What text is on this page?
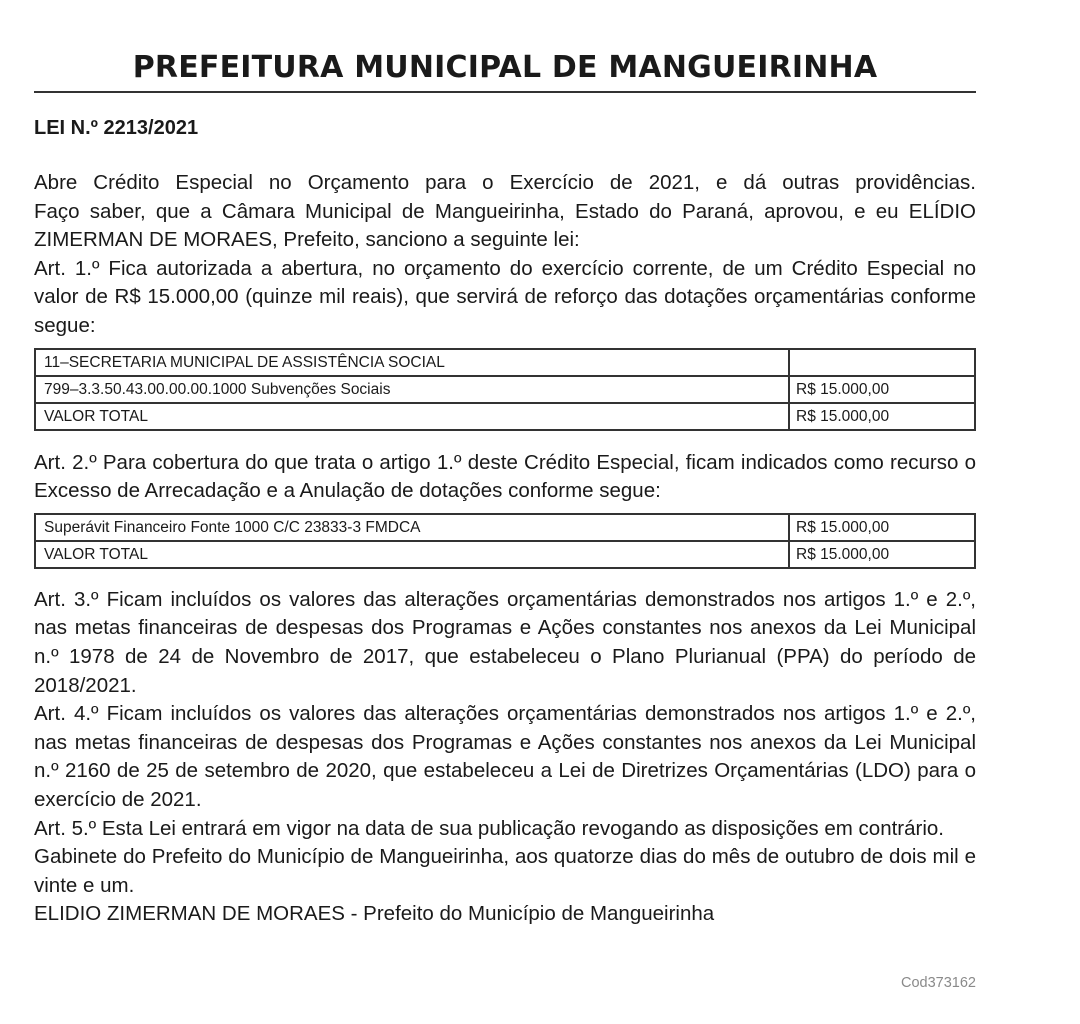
PREFEITURA MUNICIPAL DE MANGUEIRINHA
LEI N.º 2213/2021

Abre Crédito Especial no Orçamento para o Exercício de 2021, e dá outras providências.

Faço saber, que a Câmara Municipal de Mangueirinha, Estado do Paraná, aprovou, e eu ELÍDIO ZIMERMAN DE MORAES, Prefeito, sanciono a seguinte lei:

Art. 1.º Fica autorizada a abertura, no orçamento do exercício corrente, de um Crédito Especial no valor de R$ 15.000,00 (quinze mil reais), que servirá de reforço das dotações orçamentárias conforme segue:

11–SECRETARIA MUNICIPAL DE ASSISTÊNCIA SOCIAL	
799–3.3.50.43.00.00.00.1000 Subvenções Sociais	R$ 15.000,00
VALOR TOTAL	R$ 15.000,00

Art. 2.º Para cobertura do que trata o artigo 1.º deste Crédito Especial, ficam indicados como recurso o Excesso de Arrecadação e a Anulação de dotações conforme segue:

Superávit Financeiro Fonte 1000 C/C 23833-3 FMDCA	R$ 15.000,00
VALOR TOTAL	R$ 15.000,00

Art. 3.º Ficam incluídos os valores das alterações orçamentárias demonstrados nos artigos 1.º e 2.º, nas metas financeiras de despesas dos Programas e Ações constantes nos anexos da Lei Municipal n.º 1978 de 24 de Novembro de 2017, que estabeleceu o Plano Plurianual (PPA) do período de 2018/2021.

Art. 4.º Ficam incluídos os valores das alterações orçamentárias demonstrados nos artigos 1.º e 2.º, nas metas financeiras de despesas dos Programas e Ações constantes nos anexos da Lei Municipal n.º 2160 de 25 de setembro de 2020, que estabeleceu a Lei de Diretrizes Orçamentárias (LDO) para o exercício de 2021.

Art. 5.º Esta Lei entrará em vigor na data de sua publicação revogando as disposições em contrário.

Gabinete do Prefeito do Município de Mangueirinha, aos quatorze dias do mês de outubro de dois mil e vinte e um.

ELIDIO ZIMERMAN DE MORAES - Prefeito do Município de Mangueirinha

Cod373162
